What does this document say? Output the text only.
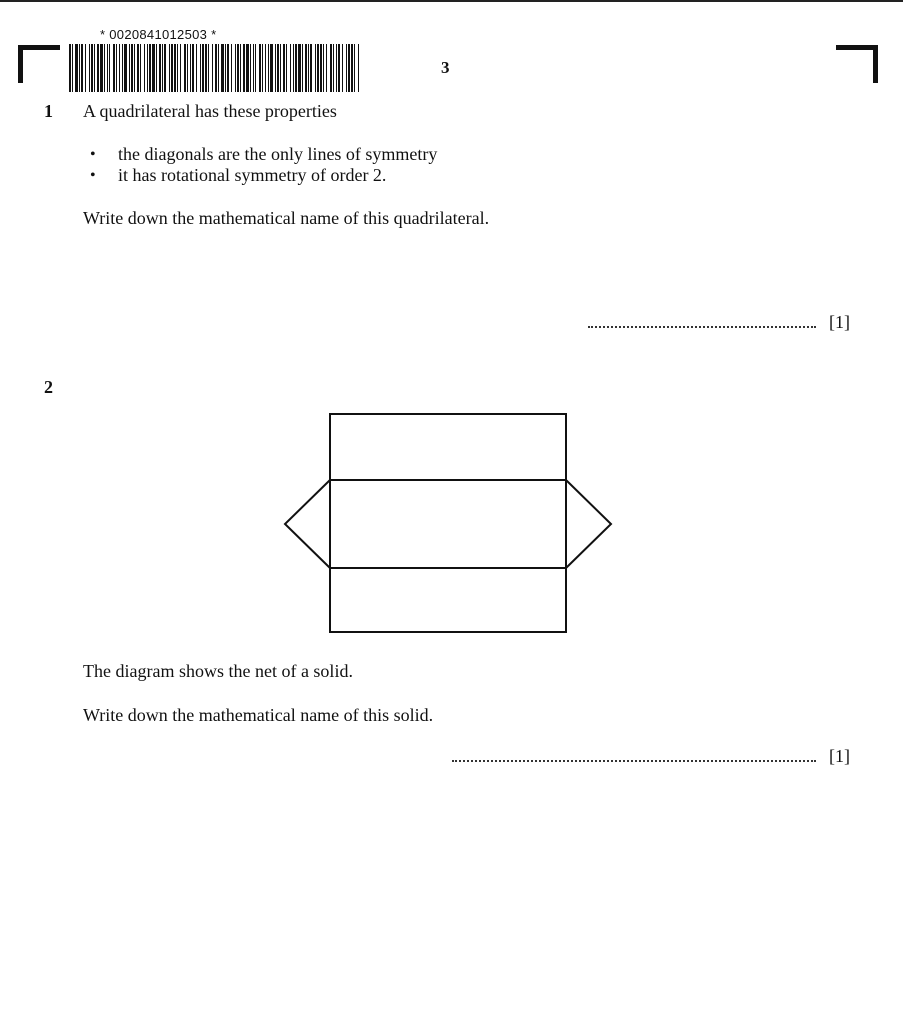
* 0020841012503 *
3
1 A quadrilateral has these properties
• the diagonals are the only lines of symmetry
• it has rotational symmetry of order 2.
Write down the mathematical name of this quadrilateral.
[1]
2
The diagram shows the net of a solid.
Write down the mathematical name of this solid.
[1]
